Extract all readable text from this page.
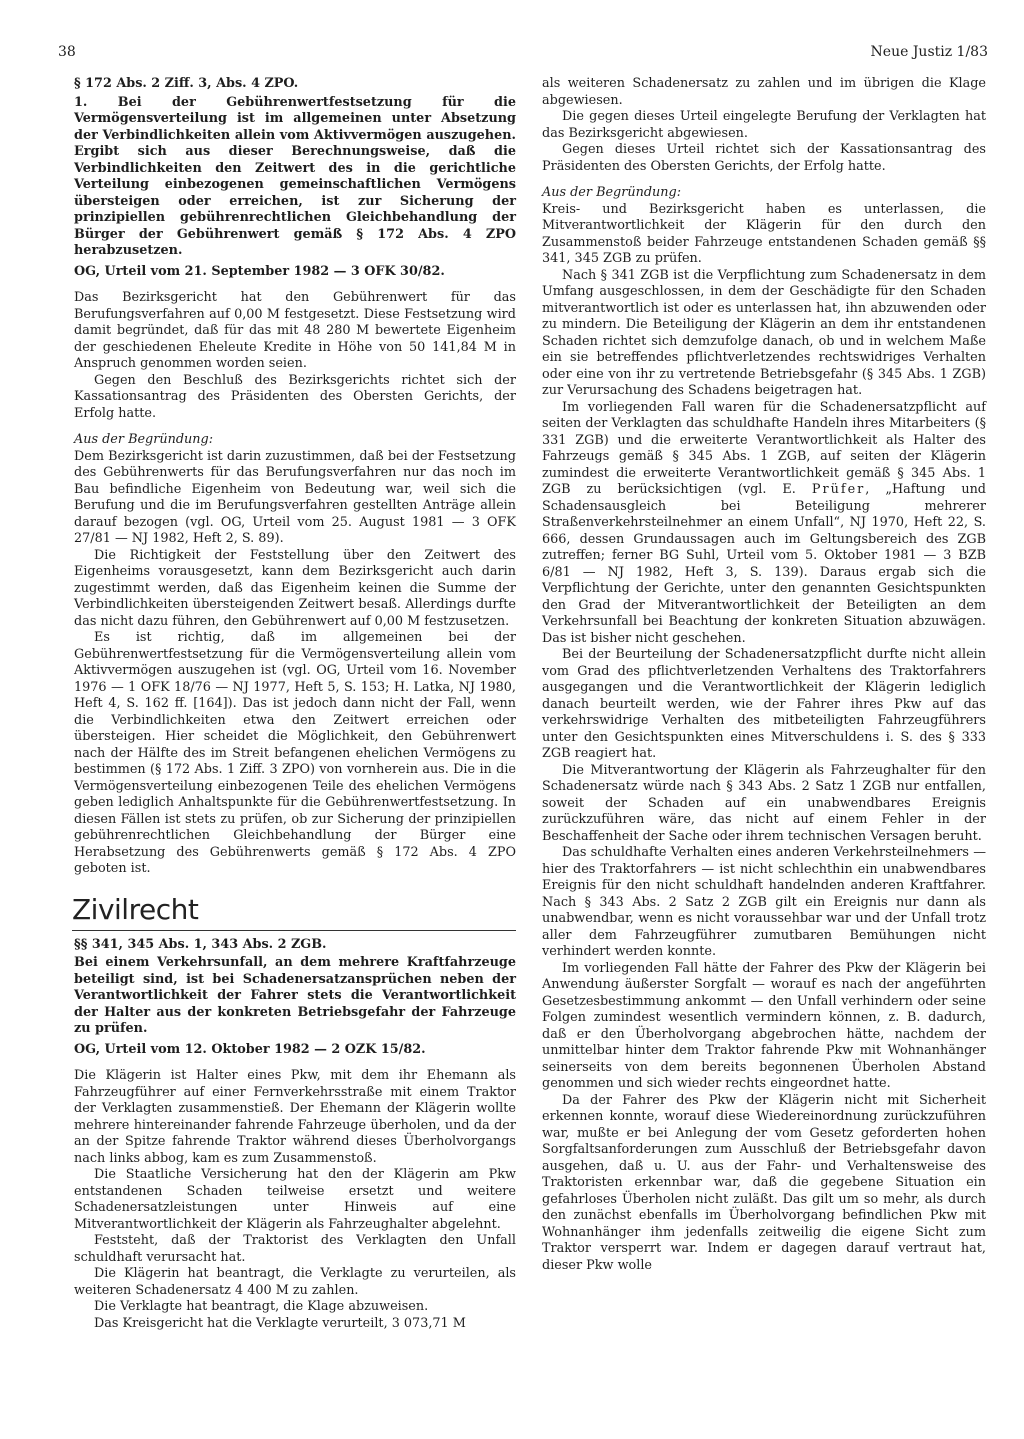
38	Neue Justiz 1/83

§ 172 Abs. 2 Ziff. 3, Abs. 4 ZPO.

1. Bei der Gebührenwertfestsetzung für die Vermögensverteilung ist im allgemeinen unter Absetzung der Verbindlichkeiten allein vom Aktivvermögen auszugehen. Ergibt sich aus dieser Berechnungsweise, daß die Verbindlichkeiten den Zeitwert des in die gerichtliche Verteilung einbezogenen gemeinschaftlichen Vermögens übersteigen oder erreichen, ist zur Sicherung der prinzipiellen gebührenrechtlichen Gleichbehandlung der Bürger der Gebührenwert gemäß § 172 Abs. 4 ZPO herabzusetzen.

OG, Urteil vom 21. September 1982 — 3 OFK 30/82.

Das Bezirksgericht hat den Gebührenwert für das Berufungsverfahren auf 0,00 M festgesetzt. Diese Festsetzung wird damit begründet, daß für das mit 48 280 M bewertete Eigenheim der geschiedenen Eheleute Kredite in Höhe von 50 141,84 M in Anspruch genommen worden seien.

Gegen den Beschluß des Bezirksgerichts richtet sich der Kassationsantrag des Präsidenten des Obersten Gerichts, der Erfolg hatte.

Aus der Begründung:

Dem Bezirksgericht ist darin zuzustimmen, daß bei der Festsetzung des Gebührenwerts für das Berufungsverfahren nur das noch im Bau befindliche Eigenheim von Bedeutung war, weil sich die Berufung und die im Berufungsverfahren gestellten Anträge allein darauf bezogen (vgl. OG, Urteil vom 25. August 1981 — 3 OFK 27/81 — NJ 1982, Heft 2, S. 89).

Die Richtigkeit der Feststellung über den Zeitwert des Eigenheims vorausgesetzt, kann dem Bezirksgericht auch darin zugestimmt werden, daß das Eigenheim keinen die Summe der Verbindlichkeiten übersteigenden Zeitwert besaß. Allerdings durfte das nicht dazu führen, den Gebührenwert auf 0,00 M festzusetzen.

Es ist richtig, daß im allgemeinen bei der Gebührenwertfestsetzung für die Vermögensverteilung allein vom Aktivvermögen auszugehen ist (vgl. OG, Urteil vom 16. November 1976 — 1 OFK 18/76 — NJ 1977, Heft 5, S. 153; H. Latka, NJ 1980, Heft 4, S. 162 ff. [164]). Das ist jedoch dann nicht der Fall, wenn die Verbindlichkeiten etwa den Zeitwert erreichen oder übersteigen. Hier scheidet die Möglichkeit, den Gebührenwert nach der Hälfte des im Streit befangenen ehelichen Vermögens zu bestimmen (§ 172 Abs. 1 Ziff. 3 ZPO) von vornherein aus. Die in die Vermögensverteilung einbezogenen Teile des ehelichen Vermögens geben lediglich Anhaltspunkte für die Gebührenwertfestsetzung. In diesen Fällen ist stets zu prüfen, ob zur Sicherung der prinzipiellen gebührenrechtlichen Gleichbehandlung der Bürger eine Herabsetzung des Gebührenwerts gemäß § 172 Abs. 4 ZPO geboten ist.

Zivilrecht

§§ 341, 345 Abs. 1, 343 Abs. 2 ZGB.

Bei einem Verkehrsunfall, an dem mehrere Kraftfahrzeuge beteiligt sind, ist bei Schadenersatzansprüchen neben der Verantwortlichkeit der Fahrer stets die Verantwortlichkeit der Halter aus der konkreten Betriebsgefahr der Fahrzeuge zu prüfen.

OG, Urteil vom 12. Oktober 1982 — 2 OZK 15/82.

Die Klägerin ist Halter eines Pkw, mit dem ihr Ehemann als Fahrzeugführer auf einer Fernverkehrsstraße mit einem Traktor der Verklagten zusammenstieß. Der Ehemann der Klägerin wollte mehrere hintereinander fahrende Fahrzeuge überholen, und da der an der Spitze fahrende Traktor während dieses Überholvorgangs nach links abbog, kam es zum Zusammenstoß.

Die Staatliche Versicherung hat den der Klägerin am Pkw entstandenen Schaden teilweise ersetzt und weitere Schadenersatzleistungen unter Hinweis auf eine Mitverantwortlichkeit der Klägerin als Fahrzeughalter abgelehnt.

Feststeht, daß der Traktorist des Verklagten den Unfall schuldhaft verursacht hat.

Die Klägerin hat beantragt, die Verklagte zu verurteilen, als weiteren Schadenersatz 4 400 M zu zahlen.

Die Verklagte hat beantragt, die Klage abzuweisen.

Das Kreisgericht hat die Verklagte verurteilt, 3 073,71 M

als weiteren Schadenersatz zu zahlen und im übrigen die Klage abgewiesen.

Die gegen dieses Urteil eingelegte Berufung der Verklagten hat das Bezirksgericht abgewiesen.

Gegen dieses Urteil richtet sich der Kassationsantrag des Präsidenten des Obersten Gerichts, der Erfolg hatte.

Aus der Begründung:

Kreis- und Bezirksgericht haben es unterlassen, die Mitverantwortlichkeit der Klägerin für den durch den Zusammenstoß beider Fahrzeuge entstandenen Schaden gemäß §§ 341, 345 ZGB zu prüfen.

Nach § 341 ZGB ist die Verpflichtung zum Schadenersatz in dem Umfang ausgeschlossen, in dem der Geschädigte für den Schaden mitverantwortlich ist oder es unterlassen hat, ihn abzuwenden oder zu mindern. Die Beteiligung der Klägerin an dem ihr entstandenen Schaden richtet sich demzufolge danach, ob und in welchem Maße ein sie betreffendes pflichtverletzendes rechtswidriges Verhalten oder eine von ihr zu vertretende Betriebsgefahr (§ 345 Abs. 1 ZGB) zur Verursachung des Schadens beigetragen hat.

Im vorliegenden Fall waren für die Schadenersatzpflicht auf seiten der Verklagten das schuldhafte Handeln ihres Mitarbeiters (§ 331 ZGB) und die erweiterte Verantwortlichkeit als Halter des Fahrzeugs gemäß § 345 Abs. 1 ZGB, auf seiten der Klägerin zumindest die erweiterte Verantwortlichkeit gemäß § 345 Abs. 1 ZGB zu berücksichtigen (vgl. E. Prüfer, „Haftung und Schadensausgleich bei Beteiligung mehrerer Straßenverkehrsteilnehmer an einem Unfall“, NJ 1970, Heft 22, S. 666, dessen Grundaussagen auch im Geltungsbereich des ZGB zutreffen; ferner BG Suhl, Urteil vom 5. Oktober 1981 — 3 BZB 6/81 — NJ 1982, Heft 3, S. 139). Daraus ergab sich die Verpflichtung der Gerichte, unter den genannten Gesichtspunkten den Grad der Mitverantwortlichkeit der Beteiligten an dem Verkehrsunfall bei Beachtung der konkreten Situation abzuwägen. Das ist bisher nicht geschehen.

Bei der Beurteilung der Schadenersatzpflicht durfte nicht allein vom Grad des pflichtverletzenden Verhaltens des Traktorfahrers ausgegangen und die Verantwortlichkeit der Klägerin lediglich danach beurteilt werden, wie der Fahrer ihres Pkw auf das verkehrswidrige Verhalten des mitbeteiligten Fahrzeugführers unter den Gesichtspunkten eines Mitverschuldens i. S. des § 333 ZGB reagiert hat.

Die Mitverantwortung der Klägerin als Fahrzeughalter für den Schadenersatz würde nach § 343 Abs. 2 Satz 1 ZGB nur entfallen, soweit der Schaden auf ein unabwendbares Ereignis zurückzuführen wäre, das nicht auf einem Fehler in der Beschaffenheit der Sache oder ihrem technischen Versagen beruht.

Das schuldhafte Verhalten eines anderen Verkehrsteilnehmers — hier des Traktorfahrers — ist nicht schlechthin ein unabwendbares Ereignis für den nicht schuldhaft handelnden anderen Kraftfahrer. Nach § 343 Abs. 2 Satz 2 ZGB gilt ein Ereignis nur dann als unabwendbar, wenn es nicht voraussehbar war und der Unfall trotz aller dem Fahrzeugführer zumutbaren Bemühungen nicht verhindert werden konnte.

Im vorliegenden Fall hätte der Fahrer des Pkw der Klägerin bei Anwendung äußerster Sorgfalt — worauf es nach der angeführten Gesetzesbestimmung ankommt — den Unfall verhindern oder seine Folgen zumindest wesentlich vermindern können, z. B. dadurch, daß er den Überholvorgang abgebrochen hätte, nachdem der unmittelbar hinter dem Traktor fahrende Pkw mit Wohnanhänger seinerseits von dem bereits begonnenen Überholen Abstand genommen und sich wieder rechts eingeordnet hatte.

Da der Fahrer des Pkw der Klägerin nicht mit Sicherheit erkennen konnte, worauf diese Wiedereinordnung zurückzuführen war, mußte er bei Anlegung der vom Gesetz geforderten hohen Sorgfaltsanforderungen zum Ausschluß der Betriebsgefahr davon ausgehen, daß u. U. aus der Fahr- und Verhaltensweise des Traktoristen erkennbar war, daß die gegebene Situation ein gefahrloses Überholen nicht zuläßt. Das gilt um so mehr, als durch den zunächst ebenfalls im Überholvorgang befindlichen Pkw mit Wohnanhänger ihm jedenfalls zeitweilig die eigene Sicht zum Traktor versperrt war. Indem er dagegen darauf vertraut hat, dieser Pkw wolle
